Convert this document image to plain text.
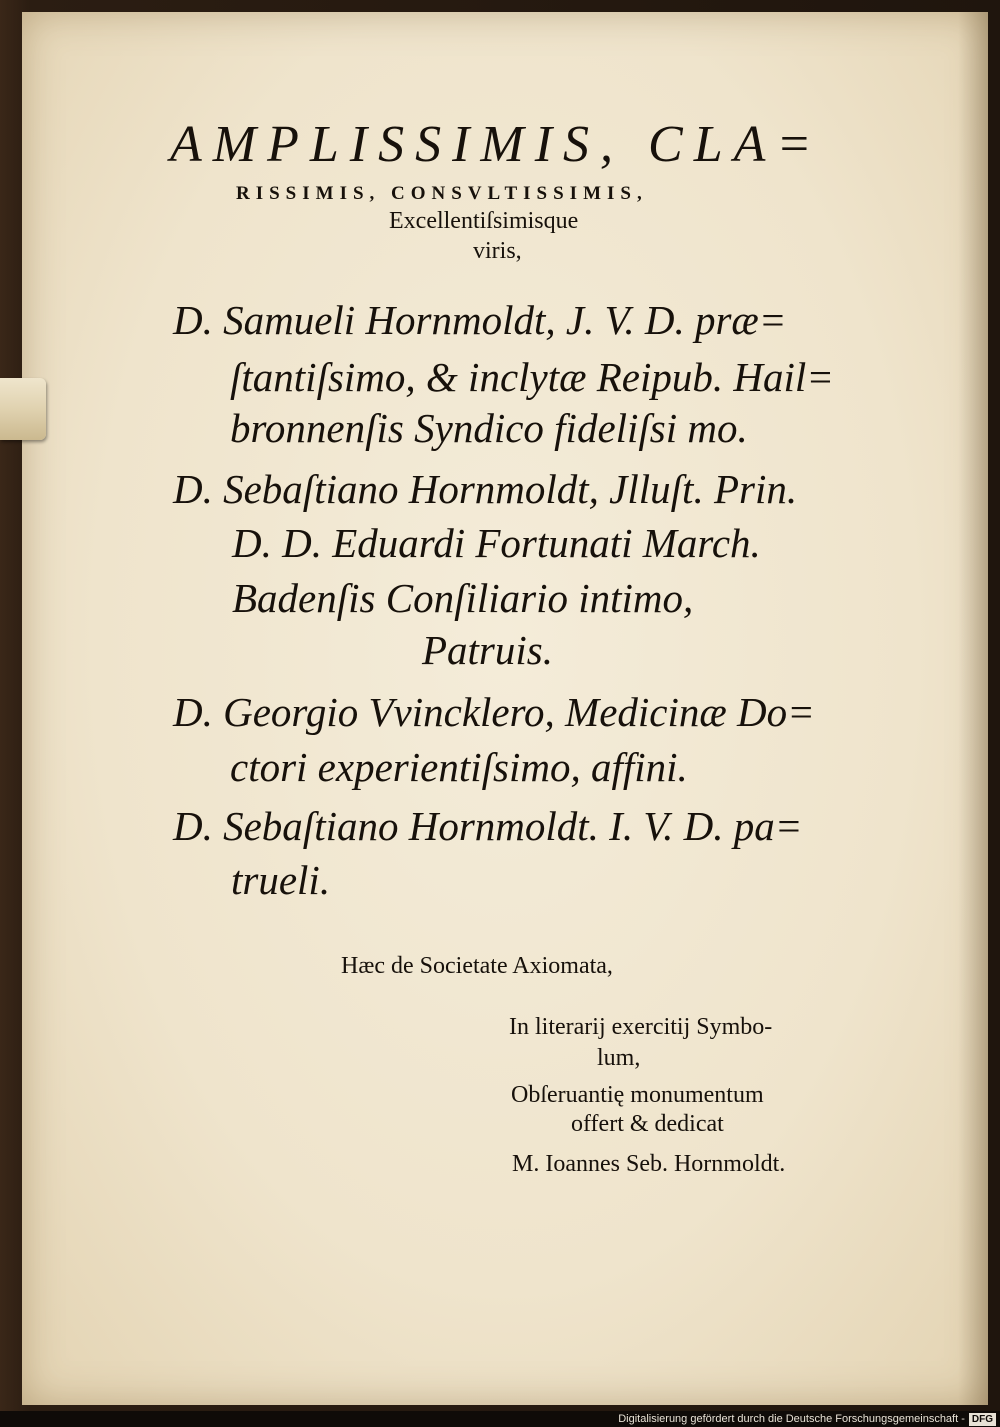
AMPLISSIMIS, CLA=
RISSIMIS, CONSVLTISSIMIS,
Excellentiſsimisque
viris,
D. Samueli Hornmoldt, J. V. D. præ=
ſtantiſsimo, & inclytæ Reipub. Hail=
bronnenſis Syndico fideliſsi mo.
D. Sebaſtiano Hornmoldt, Jlluſt. Prin.
D. D. Eduardi Fortunati March.
Badenſis Conſiliario intimo,
Patruis.
D. Georgio Vvincklero, Medicinæ Do=
ctori experientiſsimo, affini.
D. Sebaſtiano Hornmoldt. I. V. D. pa=
trueli.
Hæc de Societate Axiomata,
In literarij exercitij Symbo-
lum,
Obſeruantię monumentum
offert & dedicat
M. Ioannes Seb. Hornmoldt.
Digitalisierung gefördert durch die Deutsche Forschungsgemeinschaft - DFG
